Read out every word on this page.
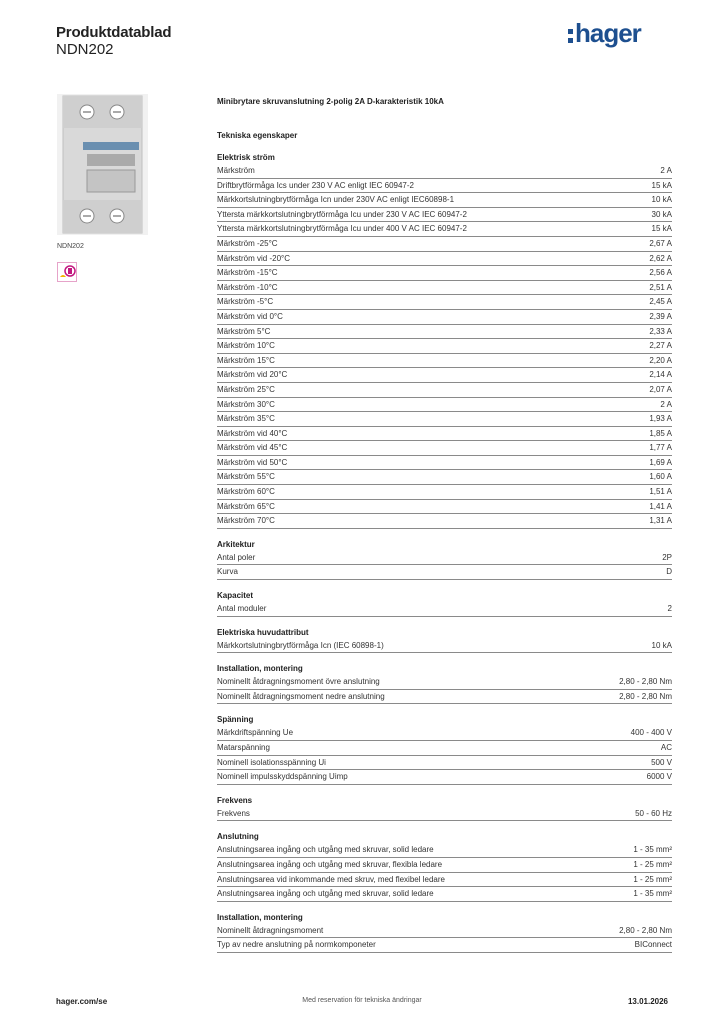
Produktdatablad
NDN202
hager
NDN202
Minibrytare skruvanslutning 2-polig 2A D-karakteristik 10kA
Tekniska egenskaper
Elektrisk ström
Märkström	2 A
Driftbrytförmåga Ics under 230 V AC enligt IEC 60947-2	15 kA
Märkkortslutningbrytförmåga Icn under 230V AC enligt IEC60898-1	10 kA
Yttersta märkkortslutningbrytförmåga Icu under 230 V AC IEC 60947-2	30 kA
Yttersta märkkortslutningbrytförmåga Icu under 400 V AC IEC 60947-2	15 kA
Märkström -25°C	2,67 A
Märkström vid -20°C	2,62 A
Märkström -15°C	2,56 A
Märkström -10°C	2,51 A
Märkström -5°C	2,45 A
Märkström vid 0°C	2,39 A
Märkström 5°C	2,33 A
Märkström 10°C	2,27 A
Märkström 15°C	2,20 A
Märkström vid 20°C	2,14 A
Märkström 25°C	2,07 A
Märkström 30°C	2 A
Märkström 35°C	1,93 A
Märkström vid 40°C	1,85 A
Märkström vid 45°C	1,77 A
Märkström vid 50°C	1,69 A
Märkström 55°C	1,60 A
Märkström 60°C	1,51 A
Märkström 65°C	1,41 A
Märkström 70°C	1,31 A
Arkitektur
Antal poler	2P
Kurva	D
Kapacitet
Antal moduler	2
Elektriska huvudattribut
Märkkortslutningbrytförmåga Icn (IEC 60898-1)	10 kA
Installation, montering
Nominellt åtdragningsmoment övre anslutning	2,80 - 2,80 Nm
Nominellt åtdragningsmoment nedre anslutning	2,80 - 2,80 Nm
Spänning
Märkdriftspänning Ue	400 - 400 V
Matarspänning	AC
Nominell isolationsspänning Ui	500 V
Nominell impulsskyddspänning Uimp	6000 V
Frekvens
Frekvens	50 - 60 Hz
Anslutning
Anslutningsarea ingång och utgång med skruvar, solid ledare	1 - 35 mm²
Anslutningsarea ingång och utgång med skruvar, flexibla ledare	1 - 25 mm²
Anslutningsarea vid inkommande med skruv, med flexibel ledare	1 - 25 mm²
Anslutningsarea ingång och utgång med skruvar, solid ledare	1 - 35 mm²
Installation, montering
Nominellt åtdragningsmoment	2,80 - 2,80 Nm
Typ av nedre anslutning på normkomponeter	BIConnect
hager.com/se	Med reservation för tekniska ändringar	13.01.2026
